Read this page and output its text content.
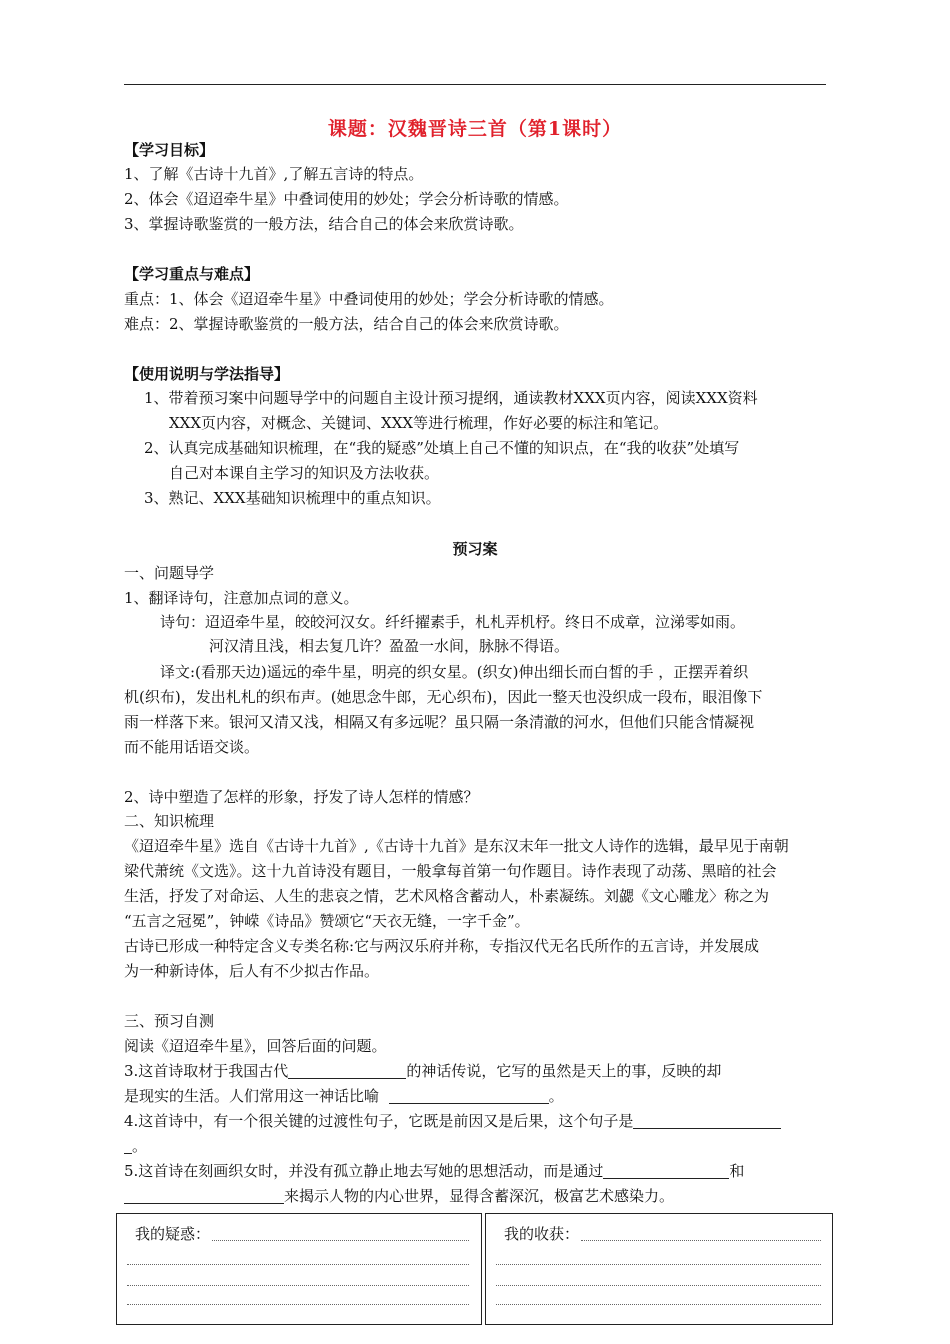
课题：汉魏晋诗三首（第1课时）
【学习目标】
1、了解《古诗十九首》,了解五言诗的特点。
2、体会《迢迢牵牛星》中叠词使用的妙处；学会分析诗歌的情感。
3、掌握诗歌鉴赏的一般方法，结合自己的体会来欣赏诗歌。
【学习重点与难点】
重点：1、体会《迢迢牵牛星》中叠词使用的妙处；学会分析诗歌的情感。
难点：2、掌握诗歌鉴赏的一般方法，结合自己的体会来欣赏诗歌。
【使用说明与学法指导】
1、带着预习案中问题导学中的问题自主设计预习提纲，通读教材XXX页内容，阅读XXX资料
XXX页内容，对概念、关键词、XXX等进行梳理，作好必要的标注和笔记。
2、认真完成基础知识梳理，在“我的疑惑”处填上自己不懂的知识点，在“我的收获”处填写
自己对本课自主学习的知识及方法收获。
3、熟记、XXX基础知识梳理中的重点知识。
预习案
一、问题导学
1、翻译诗句，注意加点词的意义。
诗句：迢迢牵牛星，皎皎河汉女。纤纤擢素手，札札弄机杼。终日不成章，泣涕零如雨。
河汉清且浅，相去复几许？盈盈一水间，脉脉不得语。
译文:(看那天边)遥远的牵牛星，明亮的织女星。(织女)伸出细长而白皙的手 ，正摆弄着织
机(织布)，发出札札的织布声。(她思念牛郎，无心织布)，因此一整天也没织成一段布，眼泪像下
雨一样落下来。银河又清又浅，相隔又有多远呢？虽只隔一条清澈的河水，但他们只能含情凝视
而不能用话语交谈。
2、诗中塑造了怎样的形象，抒发了诗人怎样的情感？
二、知识梳理
《迢迢牵牛星》选自《古诗十九首》,《古诗十九首》是东汉末年一批文人诗作的选辑，最早见于南朝
梁代萧统《文选》。这十九首诗没有题目，一般拿每首第一句作题目。诗作表现了动荡、黑暗的社会
生活，抒发了对命运、人生的悲哀之情，艺术风格含蓄动人，朴素凝练。刘勰《文心雕龙〉称之为
“五言之冠冕”，钟嵘《诗品》赞颂它“天衣无缝，一字千金”。
古诗已形成一种特定含义专类名称:它与两汉乐府并称，专指汉代无名氏所作的五言诗，并发展成
为一种新诗体，后人有不少拟古作品。
三、预习自测
阅读《迢迢牵牛星》，回答后面的问题。
3.这首诗取材于我国古代	的神话传说，它写的虽然是天上的事，反映的却
是现实的生活。人们常用这一神话比喻	。
4.这首诗中，有一个很关键的过渡性句子，它既是前因又是后果，这个句子是
。
5.这首诗在刻画织女时，并没有孤立静止地去写她的思想活动，而是通过	和
来揭示人物的内心世界，显得含蓄深沉，极富艺术感染力。
我的疑惑：	我的收获：
